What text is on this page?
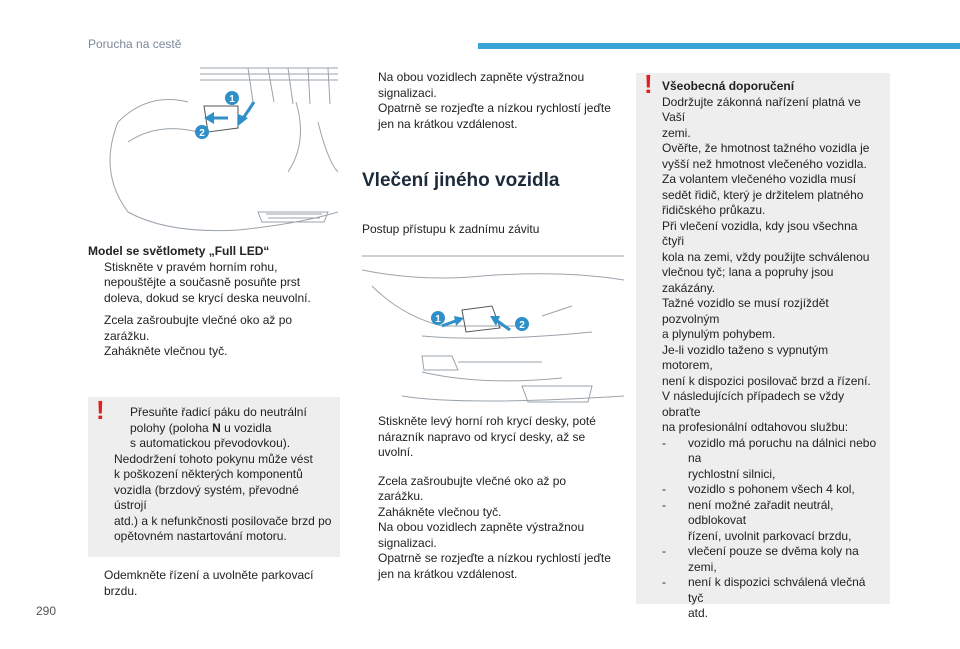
Porucha na cestě
1
2
Model se světlomety „Full LED“
Stiskněte v pravém horním rohu,
nepouštějte a současně posuňte prst
doleva, dokud se krycí deska neuvolní.
Zcela zašroubujte vlečné oko až po
zarážku.
Zahákněte vlečnou tyč.
! Přesuňte řadicí páku do neutrální
polohy (poloha N u vozidla
s automatickou převodovkou).
Nedodržení tohoto pokynu může vést
k poškození některých komponentů
vozidla (brzdový systém, převodné ústrojí
atd.) a k nefunkčnosti posilovače brzd po
opětovném nastartování motoru.
Odemkněte řízení a uvolněte parkovací
brzdu.
Na obou vozidlech zapněte výstražnou
signalizaci.
Opatrně se rozjeďte a nízkou rychlostí jeďte
jen na krátkou vzdálenost.
Vlečení jiného vozidla
Postup přístupu k zadnímu závitu
1
2
Stiskněte levý horní roh krycí desky, poté
nárazník napravo od krycí desky, až se
uvolní.
Zcela zašroubujte vlečné oko až po
zarážku.
Zahákněte vlečnou tyč.
Na obou vozidlech zapněte výstražnou
signalizaci.
Opatrně se rozjeďte a nízkou rychlostí jeďte
jen na krátkou vzdálenost.
! Všeobecná doporučení
Dodržujte zákonná nařízení platná ve Vaší
zemi.
Ověřte, že hmotnost tažného vozidla je
vyšší než hmotnost vlečeného vozidla.
Za volantem vlečeného vozidla musí
sedět řidič, který je držitelem platného
řidičského průkazu.
Při vlečení vozidla, kdy jsou všechna čtyři
kola na zemi, vždy použijte schválenou
vlečnou tyč; lana a popruhy jsou
zakázány.
Tažné vozidlo se musí rozjíždět pozvolným
a plynulým pohybem.
Je-li vozidlo taženo s vypnutým motorem,
není k dispozici posilovač brzd a řízení.
V následujících případech se vždy obraťte
na profesionální odtahovou službu:
-	vozidlo má poruchu na dálnici nebo na
rychlostní silnici,
-	vozidlo s pohonem všech 4 kol,
-	není možné zařadit neutrál, odblokovat
řízení, uvolnit parkovací brzdu,
-	vlečení pouze se dvěma koly na zemi,
-	není k dispozici schválená vlečná tyč
atd.
290
